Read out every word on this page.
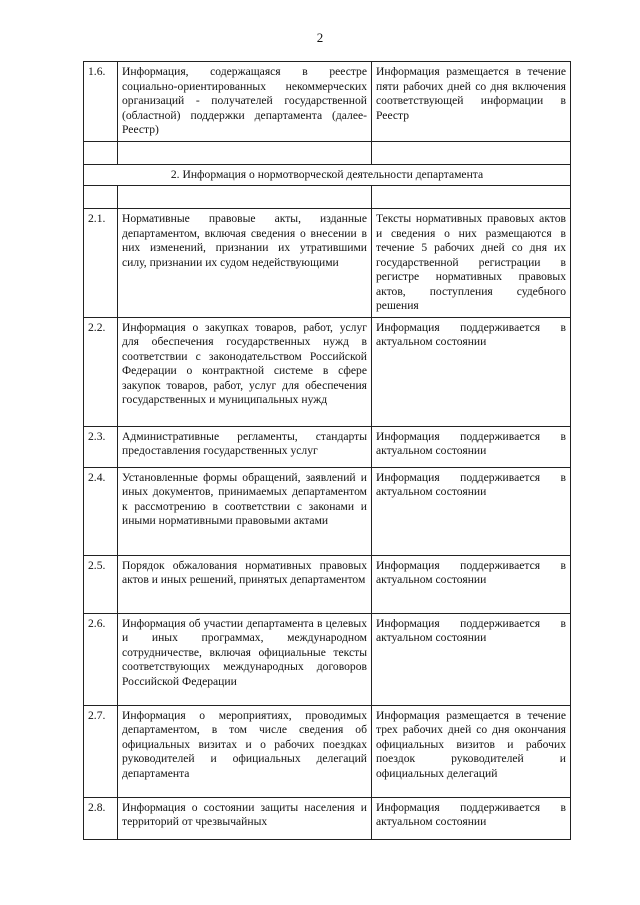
2
1.6.	Информация, содержащаяся в реестре социально-ориентированных некоммерческих организаций - получателей государственной (областной) поддержки департамента (далее- Реестр)	Информация размещается в течение пяти рабочих дней со дня включения соответствующей информации в Реестр

2. Информация о нормотворческой деятельности департамента		

2.1.	Нормативные правовые акты, изданные департаментом, включая сведения о внесении в них изменений, признании их утратившими силу, признании их судом недействующими	Тексты нормативных правовых актов и сведения о них размещаются в течение 5 рабочих дней со дня их государственной регистрации в регистре нормативных правовых актов, поступления судебного решения
2.2.	Информация о закупках товаров, работ, услуг для обеспечения государственных нужд в соответствии с законодательством Российской Федерации о контрактной системе в сфере закупок товаров, работ, услуг для обеспечения государственных и муниципальных нужд	Информация поддерживается в актуальном состоянии
2.3.	Административные регламенты, стандарты предоставления государственных услуг	Информация поддерживается в актуальном состоянии
2.4.	Установленные формы обращений, заявлений и иных документов, принимаемых департаментом к рассмотрению в соответствии с законами и иными нормативными правовыми актами	Информация поддерживается в актуальном состоянии
2.5.	Порядок обжалования нормативных правовых актов и иных решений, принятых департаментом	Информация поддерживается в актуальном состоянии
2.6.	Информация об участии департамента в целевых и иных программах, международном сотрудничестве, включая официальные тексты соответствующих международных договоров Российской Федерации	Информация поддерживается в актуальном состоянии
2.7.	Информация о мероприятиях, проводимых департаментом, в том числе сведения об официальных визитах и о рабочих поездках руководителей и официальных делегаций департамента	Информация размещается в течение трех рабочих дней со дня окончания официальных визитов и рабочих поездок руководителей и официальных делегаций
2.8.	Информация о состоянии защиты населения и территорий от чрезвычайных	Информация поддерживается в актуальном состоянии
